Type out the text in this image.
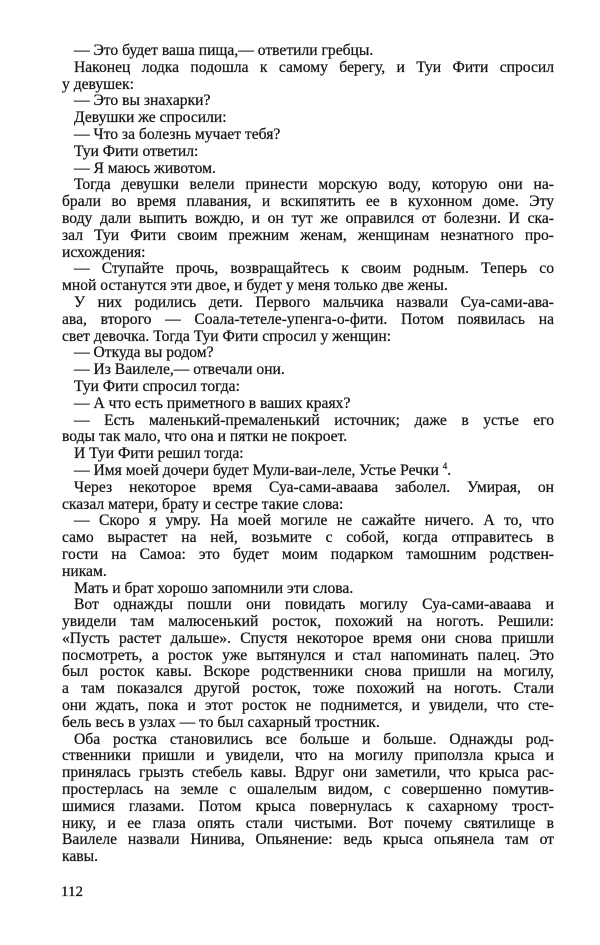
— Это будет ваша пища,— ответили гребцы.
Наконец лодка подошла к самому берегу, и Туи Фити спросил
у девушек:
— Это вы знахарки?
Девушки же спросили:
— Что за болезнь мучает тебя?
Туи Фити ответил:
— Я маюсь животом.
Тогда девушки велели принести морскую воду, которую они на-
брали во время плавания, и вскипятить ее в кухонном доме. Эту
воду дали выпить вождю, и он тут же оправился от болезни. И ска-
зал Туи Фити своим прежним женам, женщинам незнатного про-
исхождения:
— Ступайте прочь, возвращайтесь к своим родным. Теперь со
мной останутся эти двое, и будет у меня только две жены.
У них родились дети. Первого мальчика назвали Суа-сами-ава-
ава, второго — Соала-тетеле-упенга-о-фити. Потом появилась на
свет девочка. Тогда Туи Фити спросил у женщин:
— Откуда вы родом?
— Из Ваилеле,— отвечали они.
Туи Фити спросил тогда:
— А что есть приметного в ваших краях?
— Есть маленький-премаленький источник; даже в устье его
воды так мало, что она и пятки не покроет.
И Туи Фити решил тогда:
— Имя моей дочери будет Мули-ваи-леле, Устье Речки $^4$.
Через некоторое время Суа-сами-аваава заболел. Умирая, он
сказал матери, брату и сестре такие слова:
— Скоро я умру. На моей могиле не сажайте ничего. А то, что
само вырастет на ней, возьмите с собой, когда отправитесь в
гости на Самоа: это будет моим подарком тамошним родствен-
никам.
Мать и брат хорошо запомнили эти слова.
Вот однажды пошли они повидать могилу Суа-сами-аваава и
увидели там малюсенький росток, похожий на ноготь. Решили:
«Пусть растет дальше». Спустя некоторое время они снова пришли
посмотреть, а росток уже вытянулся и стал напоминать палец. Это
был росток кавы. Вскоре родственники снова пришли на могилу,
а там показался другой росток, тоже похожий на ноготь. Стали
они ждать, пока и этот росток не поднимется, и увидели, что сте-
бель весь в узлах — то был сахарный тростник.
Оба ростка становились все больше и больше. Однажды род-
ственники пришли и увидели, что на могилу приползла крыса и
принялась грызть стебель кавы. Вдруг они заметили, что крыса рас-
простерлась на земле с ошалелым видом, с совершенно помутив-
шимися глазами. Потом крыса повернулась к сахарному трост-
нику, и ее глаза опять стали чистыми. Вот почему святилище в
Ваилеле назвали Нинива, Опьянение: ведь крыса опьянела там от
кавы.
112
